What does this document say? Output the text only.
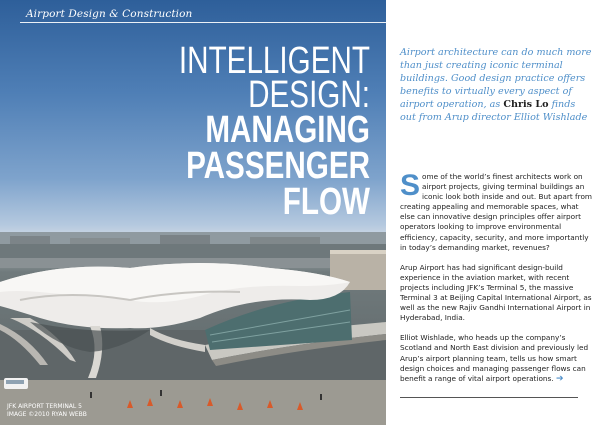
Airport Design & Construction
INTELLIGENT
DESIGN:
MANAGING
PASSENGER
FLOW
JFK AIRPORT TERMINAL 5
IMAGE ©2010 RYAN WEBB
Airport architecture can do much more than just creating iconic terminal buildings. Good design practice offers benefits to virtually every aspect of airport operation, as Chris Lo finds out from Arup director Elliot Wishlade

Some of the world’s finest architects work on airport projects, giving terminal buildings an iconic look both inside and out. But apart from creating appealing and memorable spaces, what else can innovative design principles offer airport operators looking to improve environmental efficiency, capacity, security, and more importantly in today’s demanding market, revenues?

Arup Airport has had significant design-build experience in the aviation market, with recent projects including JFK’s Terminal 5, the massive Terminal 3 at Beijing Capital International Airport, as well as the new Rajiv Gandhi International Airport in Hyderabad, India.

Elliot Wishlade, who heads up the company’s Scotland and North East division and previously led Arup’s airport planning team, tells us how smart design choices and managing passenger flows can benefit a range of vital airport operations. ➔
